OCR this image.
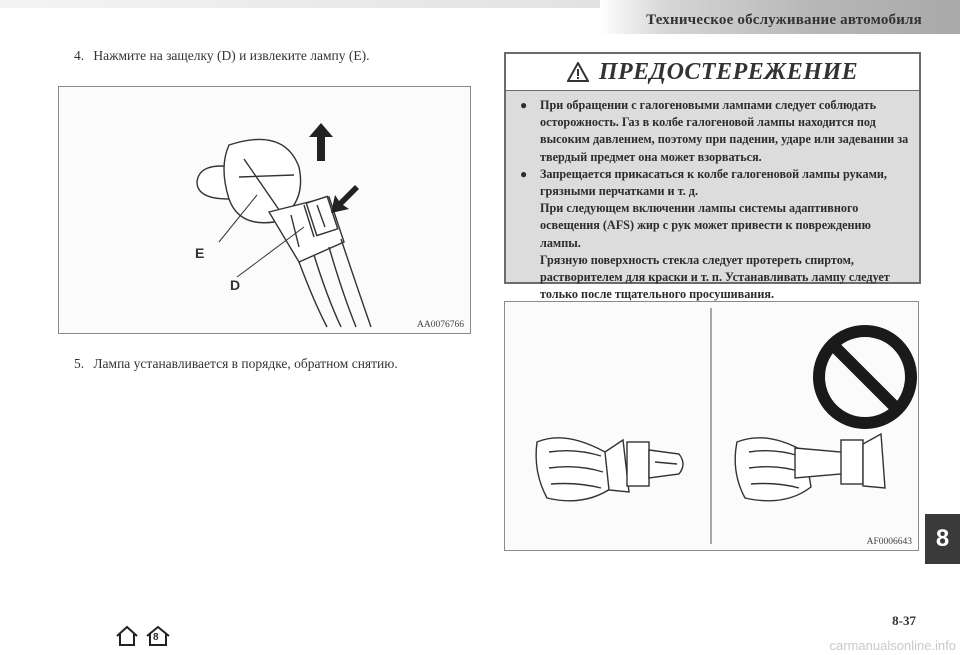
Техническое обслуживание автомобиля
4. Нажмите на защелку (D) и извлеките лампу (E).
E
D
AA0076766
5. Лампа устанавливается в порядке, обратном снятию.
ПРЕДОСТЕРЕЖЕНИЕ
●	При обращении с галогеновыми лампами следует соблюдать осторожность. Газ в колбе галогеновой лампы находится под высоким давлением, поэтому при падении, ударе или задевании за твердый предмет она может взорваться.
●	Запрещается прикасаться к колбе галогеновой лампы руками, грязными перчатками и т. д.
При следующем включении лампы системы адаптивного освещения (AFS) жир с рук может привести к повреждению лампы.
Грязную поверхность стекла следует протереть спиртом, растворителем для краски и т. п. Устанавливать лампу следует только после тщательного просушивания.
AF0006643 8
8-37
8
carmanualsonline.info
